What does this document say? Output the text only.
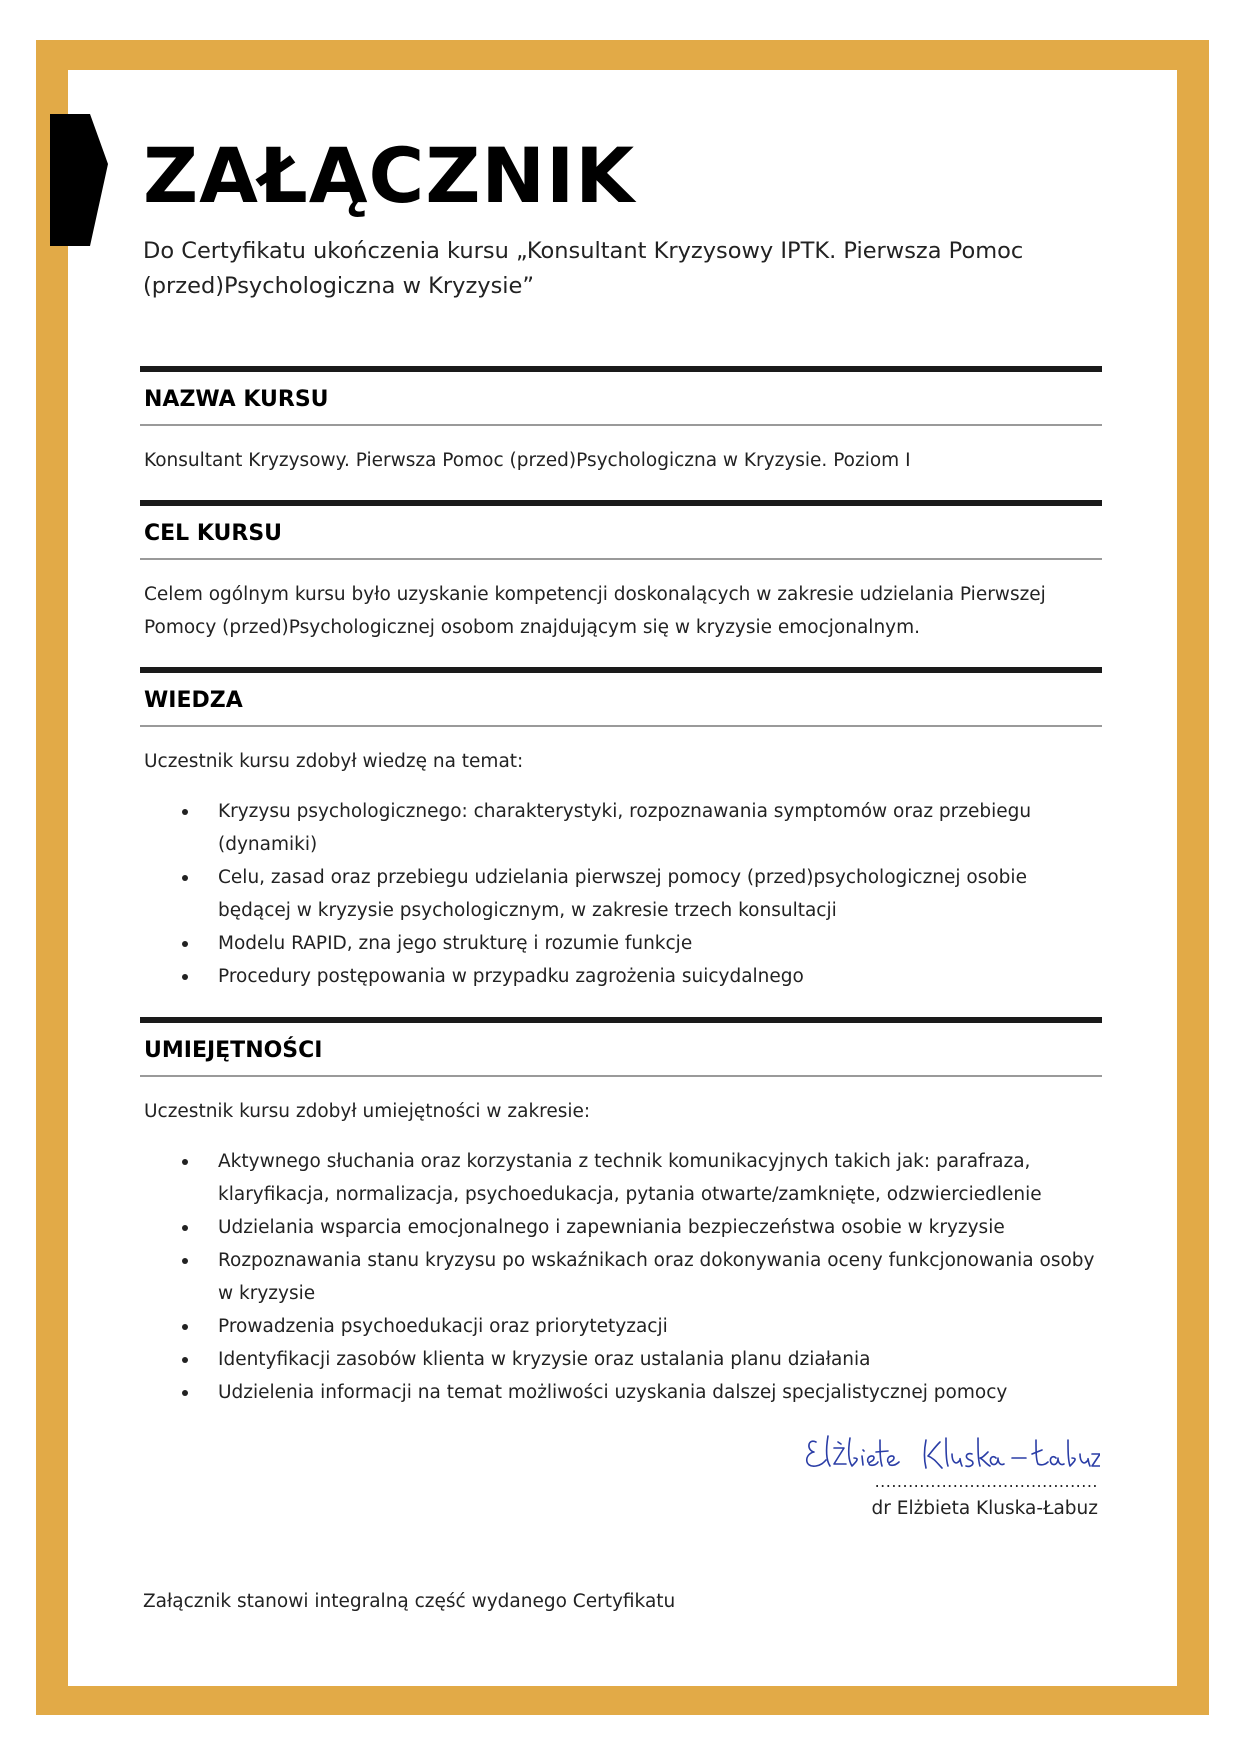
ZAŁĄCZNIK

Do Certyfikatu ukończenia kursu „Konsultant Kryzysowy IPTK. Pierwsza Pomoc (przed)Psychologiczna w Kryzysie”

NAZWA KURSU

Konsultant Kryzysowy. Pierwsza Pomoc (przed)Psychologiczna w Kryzysie. Poziom I

CEL KURSU

Celem ogólnym kursu było uzyskanie kompetencji doskonalących w zakresie udzielania Pierwszej Pomocy (przed)Psychologicznej osobom znajdującym się w kryzysie emocjonalnym.

WIEDZA

Uczestnik kursu zdobył wiedzę na temat:

Kryzysu psychologicznego: charakterystyki, rozpoznawania symptomów oraz przebiegu (dynamiki)
Celu, zasad oraz przebiegu udzielania pierwszej pomocy (przed)psychologicznej osobie będącej w kryzysie psychologicznym, w zakresie trzech konsultacji
Modelu RAPID, zna jego strukturę i rozumie funkcje
Procedury postępowania w przypadku zagrożenia suicydalnego
UMIEJĘTNOŚCI

Uczestnik kursu zdobył umiejętności w zakresie:

Aktywnego słuchania oraz korzystania z technik komunikacyjnych takich jak: parafraza, klaryfikacja, normalizacja, psychoedukacja, pytania otwarte/zamknięte, odzwierciedlenie
Udzielania wsparcia emocjonalnego i zapewniania bezpieczeństwa osobie w kryzysie
Rozpoznawania stanu kryzysu po wskaźnikach oraz dokonywania oceny funkcjonowania osoby w kryzysie
Prowadzenia psychoedukacji oraz priorytetyzacji
Identyfikacji zasobów klienta w kryzysie oraz ustalania planu działania
Udzielenia informacji na temat możliwości uzyskania dalszej specjalistycznej pomocy
........................................
dr Elżbieta Kluska-Łabuz

Załącznik stanowi integralną część wydanego Certyfikatu
